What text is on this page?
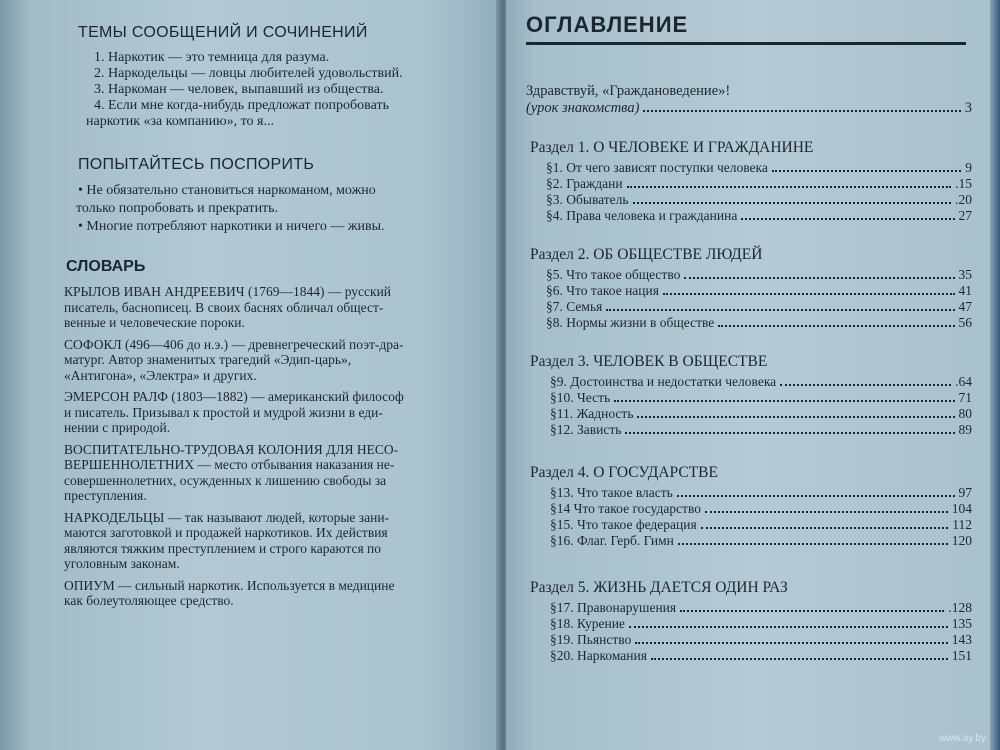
ТЕМЫ СООБЩЕНИЙ И СОЧИНЕНИЙ
1. Наркотик — это темница для разума.
2. Наркодельцы — ловцы любителей удовольствий.
3. Наркоман — человек, выпавший из общества.
4. Если мне когда-нибудь предложат попробовать
наркотик «за компанию», то я...
ПОПЫТАЙТЕСЬ ПОСПОРИТЬ
• Не обязательно становиться наркоманом, можно
только попробовать и прекратить.
• Многие потребляют наркотики и ничего — живы.
СЛОВАРЬ
КРЫЛОВ ИВАН АНДРЕЕВИЧ (1769—1844) — русский
писатель, баснописец. В своих баснях обличал общест-
венные и человеческие пороки.
СОФОКЛ (496—406 до н.э.) — древнегреческий поэт-дра-
матург. Автор знаменитых трагедий «Эдип-царь»,
«Антигона», «Электра» и других.
ЭМЕРСОН РАЛФ (1803—1882) — американский философ
и писатель. Призывал к простой и мудрой жизни в еди-
нении с природой.
ВОСПИТАТЕЛЬНО-ТРУДОВАЯ КОЛОНИЯ ДЛЯ НЕСО-
ВЕРШЕННОЛЕТНИХ — место отбывания наказания не-
совершеннолетних, осужденных к лишению свободы за
преступления.
НАРКОДЕЛЬЦЫ — так называют людей, которые зани-
маются заготовкой и продажей наркотиков. Их действия
являются тяжким преступлением и строго караются по
уголовным законам.
ОПИУМ — сильный наркотик. Используется в медицине
как болеутоляющее средство.
ОГЛАВЛЕНИЕ
Здравствуй, «Граждановедение»!
(урок знакомства)	3
Раздел 1. О ЧЕЛОВЕКЕ И ГРАЖДАНИНЕ
§1. От чего зависят поступки человека	9
§2. Граждани	.15
§3. Обыватель	.20
§4. Права человека и гражданина	27
Раздел 2. ОБ ОБЩЕСТВЕ ЛЮДЕЙ
§5. Что такое общество	35
§6. Что такое нация	41
§7. Семья	47
§8. Нормы жизни в обществе	56
Раздел 3. ЧЕЛОВЕК В ОБЩЕСТВЕ
§9. Достоинства и недостатки человека	.64
§10. Честь	71
§11. Жадность	80
§12. Зависть	89
Раздел 4. О ГОСУДАРСТВЕ
§13. Что такое власть	97
§14 Что такое государство	104
§15. Что такое федерация	112
§16. Флаг. Герб. Гимн	120
Раздел 5. ЖИЗНЬ ДАЕТСЯ ОДИН РАЗ
§17. Правонарушения	.128
§18. Курение	135
§19. Пьянство	143
§20. Наркомания	151
www.ay.by
